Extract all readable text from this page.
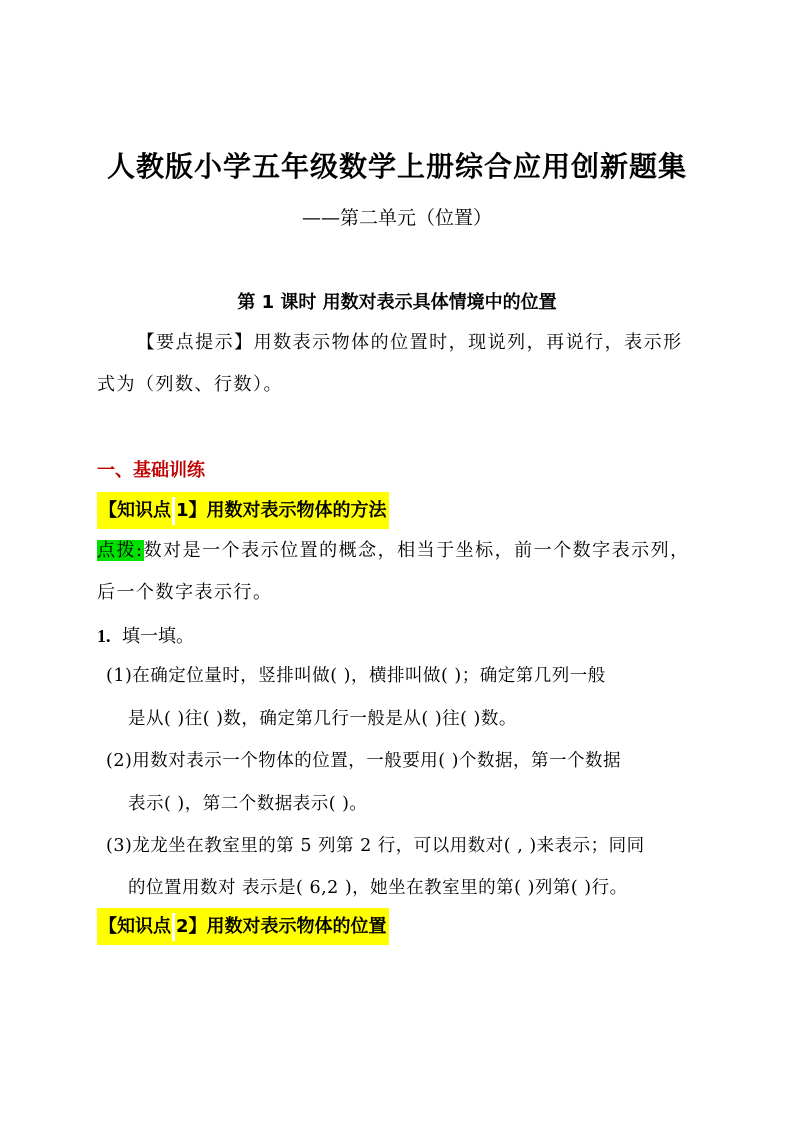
人教版小学五年级数学上册综合应用创新题集
——第二单元（位置）
第 1 课时 用数对表示具体情境中的位置
【要点提示】用数表示物体的位置时，现说列，再说行，表示形式为（列数、行数）。
一、基础训练
【知识点 1】用数对表示物体的方法
点拨:数对是一个表示位置的概念，相当于坐标，前一个数字表示列，后一个数字表示行。
1. 填一填。
(1)在确定位量时，竖排叫做( )，横排叫做( )；确定第几列一般
是从( )往( )数，确定第几行一般是从( )往( )数。
(2)用数对表示一个物体的位置，一般要用( )个数据，第一个数据
表示( )，第二个数据表示( )。
(3)龙龙坐在教室里的第 5 列第 2 行，可以用数对( , )来表示；同同
的位置用数对 表示是( 6,2 )，她坐在教室里的第( )列第( )行。
【知识点 2】用数对表示物体的位置
